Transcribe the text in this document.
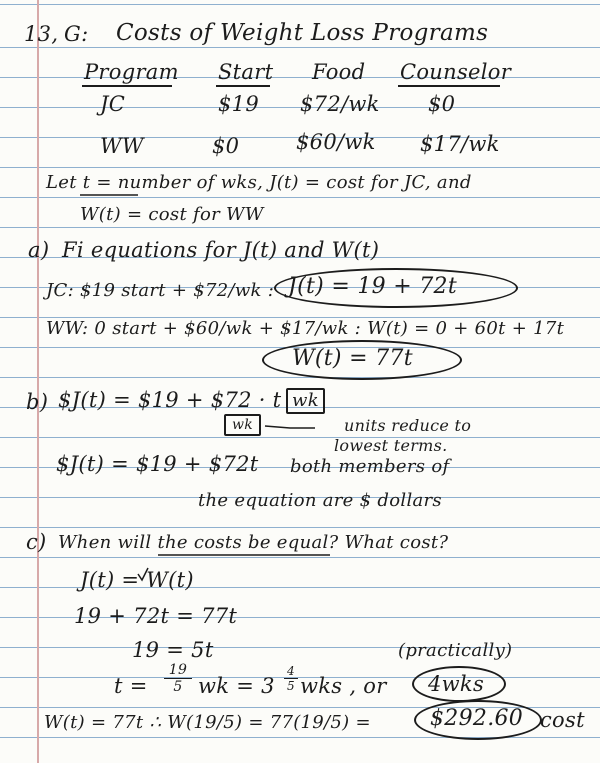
13, G: Costs of Weight Loss Programs
Program Start Food Counselor
JC	$19 $72/wk $0
WW	$0	$60/wk $17/wk
Let t = number of wks, J(t) = cost for JC, and
W(t) = cost for WW
a) Fi equations for J(t) and W(t)
JC: $19 start + $72/wk : J(t) = 19 + 72t
WW: 0 start + $60/wk + $17/wk : W(t) = 0 + 60t + 17t
W(t) = 77t
b) $J(t) = $19 + $72 · t wk
wk	units reduce to
lowest terms.
$J(t) = $19 + $72t both members of
the equation are $ dollars
c) When will the costs be equal? What cost?
J(t) = W(t)
19 + 72t = 77t
19 = 5t
$t = \frac{19}{5}$ wk = $3 \frac{4}{5}$ wks , or
(practically)
4wks
W(t) = 77t ∴ W(19/5) = 77(19/5) =	$292.60 cost
